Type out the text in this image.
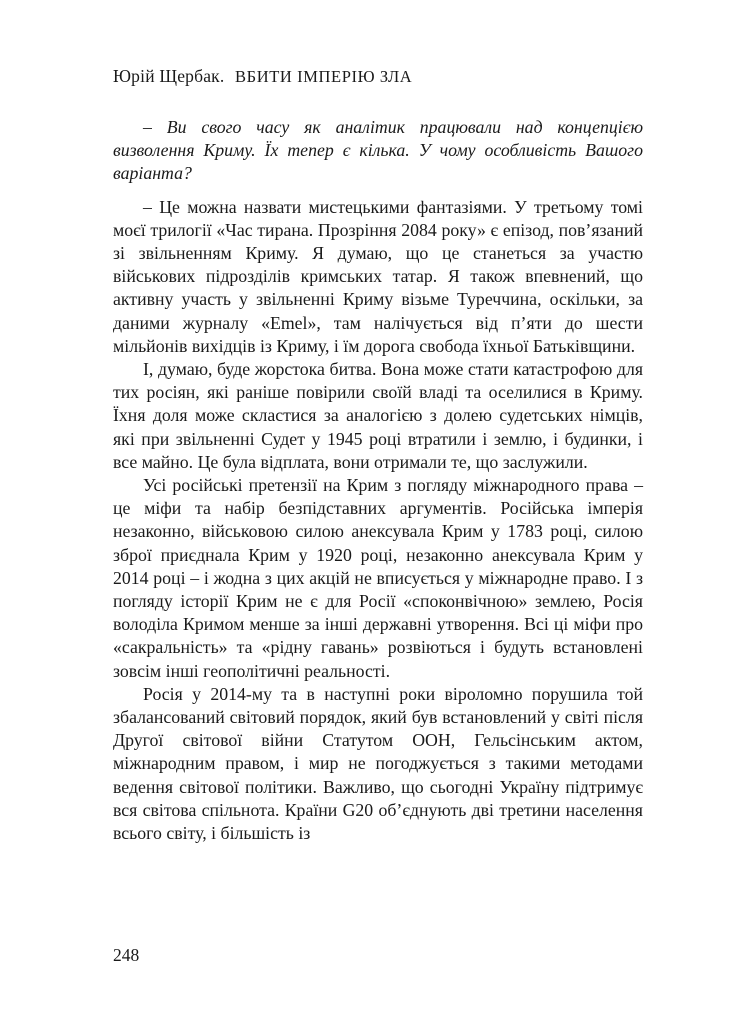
Юрій Щербак. ВБИТИ ІМПЕРІЮ ЗЛА

– Ви свого часу як аналітик працювали над концепцією визволення Криму. Їх тепер є кілька. У чому особливість Вашого варіанта?

– Це можна назвати мистецькими фантазіями. У третьому томі моєї трилогії «Час тирана. Прозріння 2084 року» є епізод, пов’язаний зі звільненням Криму. Я думаю, що це станеться за участю військових підрозділів кримських татар. Я також впевнений, що активну участь у звільненні Криму візьме Туреччина, оскільки, за даними журналу «Emel», там налічується від п’яти до шести мільйонів вихідців із Криму, і їм дорога свобода їхньої Батьківщини.

І, думаю, буде жорстока битва. Вона може стати катастрофою для тих росіян, які раніше повірили своїй владі та оселилися в Криму. Їхня доля може скластися за аналогією з долею судетських німців, які при звільненні Судет у 1945 році втратили і землю, і будинки, і все майно. Це була відплата, вони отримали те, що заслужили.

Усі російські претензії на Крим з погляду міжнародного права – це міфи та набір безпідставних аргументів. Російська імперія незаконно, військовою силою анексувала Крим у 1783 році, силою зброї приєднала Крим у 1920 році, незаконно анексувала Крим у 2014 році – і жодна з цих акцій не вписується у міжнародне право. І з погляду історії Крим не є для Росії «споконвічною» землею, Росія володіла Кримом менше за інші державні утворення. Всі ці міфи про «сакральність» та «рідну гавань» розвіються і будуть встановлені зовсім інші геополітичні реальності.

Росія у 2014-му та в наступні роки віроломно порушила той збалансований світовий порядок, який був встановлений у світі після Другої світової війни Статутом ООН, Гельсінським актом, міжнародним правом, і мир не погоджується з такими методами ведення світової політики. Важливо, що сьогодні Україну підтримує вся світова спільнота. Країни G20 об’єднують дві третини населення всього світу, і більшість із

248
